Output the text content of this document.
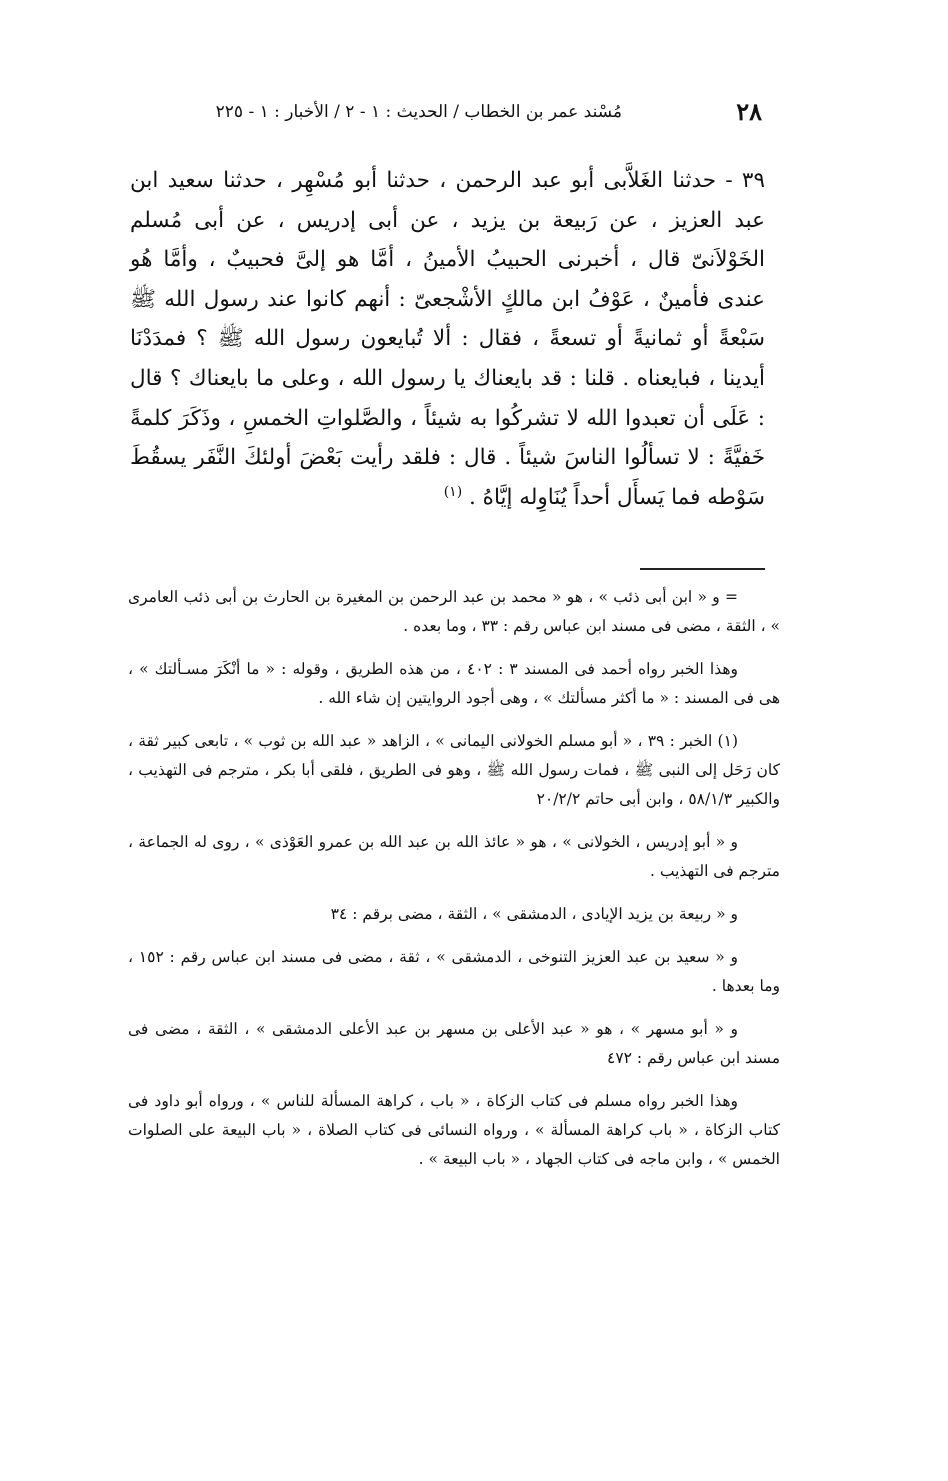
٢٨
مُسْند عمر بن الخطاب / الحديث : ١ - ٢ / الأخبار : ١ - ٢٢٥

٣٩ - حدثنا الغَلاَّبى أبو عبد الرحمن ، حدثنا أبو مُسْهِر ، حدثنا سعيد ابن عبد العزيز ، عن رَبيعة بن يزيد ، عن أبى إدريس ، عن أبى مُسلم الخَوْلاَنىّ قال ، أخبرنى الحبيبُ الأمينُ ، أمَّا هو إلىَّ فحبيبٌ ، وأمَّا هُو عندى فأمينٌ ، عَوْفُ ابن مالكٍ الأشْجعىّ : أنهم كانوا عند رسول الله ﷺ سَبْعةً أو ثمانيةً أو تسعةً ، فقال : ألا تُبايعون رسول الله ﷺ ؟ فمدَدْنَا أيدينا ، فبايعناه . قلنا : قد بايعناك يا رسول الله ، وعلى ما بايعناك ؟ قال : عَلَى أن تعبدوا الله لا تشركُوا به شيئاً ، والصَّلواتِ الخمسِ ، وذَكَرَ كلمةً خَفيَّةً : لا تسألُوا الناسَ شيئاً . قال : فلقد رأيت بَعْضَ أولئكَ النَّفَر يسقُطَ سَوْطه فما يَسأَل أحداً يُنَاوِله إيَّاهُ . $^{(١)}$

= و « ابن أبى ذئب » ، هو « محمد بن عبد الرحمن بن المغيرة بن الحارث بن أبى ذئب العامرى » ، الثقة ، مضى فى مسند ابن عباس رقم : ٣٣ ، وما بعده .

وهذا الخبر رواه أحمد فى المسند ٣ : ٤٠٢ ، من هذه الطريق ، وقوله : « ما أنْكَرَ مسـألتك » ، هى فى المسند : « ما أكثر مسألتك » ، وهى أجود الروايتين إن شاء الله .

(١) الخبر : ٣٩ ، « أبو مسلم الخولانى اليمانى » ، الزاهد « عبد الله بن ثوب » ، تابعى كبير ثقة ، كان رَحَل إلى النبى ﷺ ، فمات رسول الله ﷺ ، وهو فى الطريق ، فلقى أبا بكر ، مترجم فى التهذيب ، والكبير ٥٨/١/٣ ، وابن أبى حاتم ٢٠/٢/٢

و « أبو إدريس ، الخولانى » ، هو « عائذ الله بن عبد الله بن عمرو العَوْذى » ، روى له الجماعة ، مترجم فى التهذيب .

و « ربيعة بن يزيد الإيادى ، الدمشقى » ، الثقة ، مضى برقم : ٣٤

و « سعيد بن عبد العزيز التنوخى ، الدمشقى » ، ثقة ، مضى فى مسند ابن عباس رقم : ١٥٢ ، وما بعدها .

و « أبو مسهر » ، هو « عبد الأعلى بن مسهر بن عبد الأعلى الدمشقى » ، الثقة ، مضى فى مسند ابن عباس رقم : ٤٧٢

وهذا الخبر رواه مسلم فى كتاب الزكاة ، « باب ، كراهة المسألة للناس » ، ورواه أبو داود فى كتاب الزكاة ، « باب كراهة المسألة » ، ورواه النسائى فى كتاب الصلاة ، « باب البيعة على الصلوات الخمس » ، وابن ماجه فى كتاب الجهاد ، « باب البيعة » .
